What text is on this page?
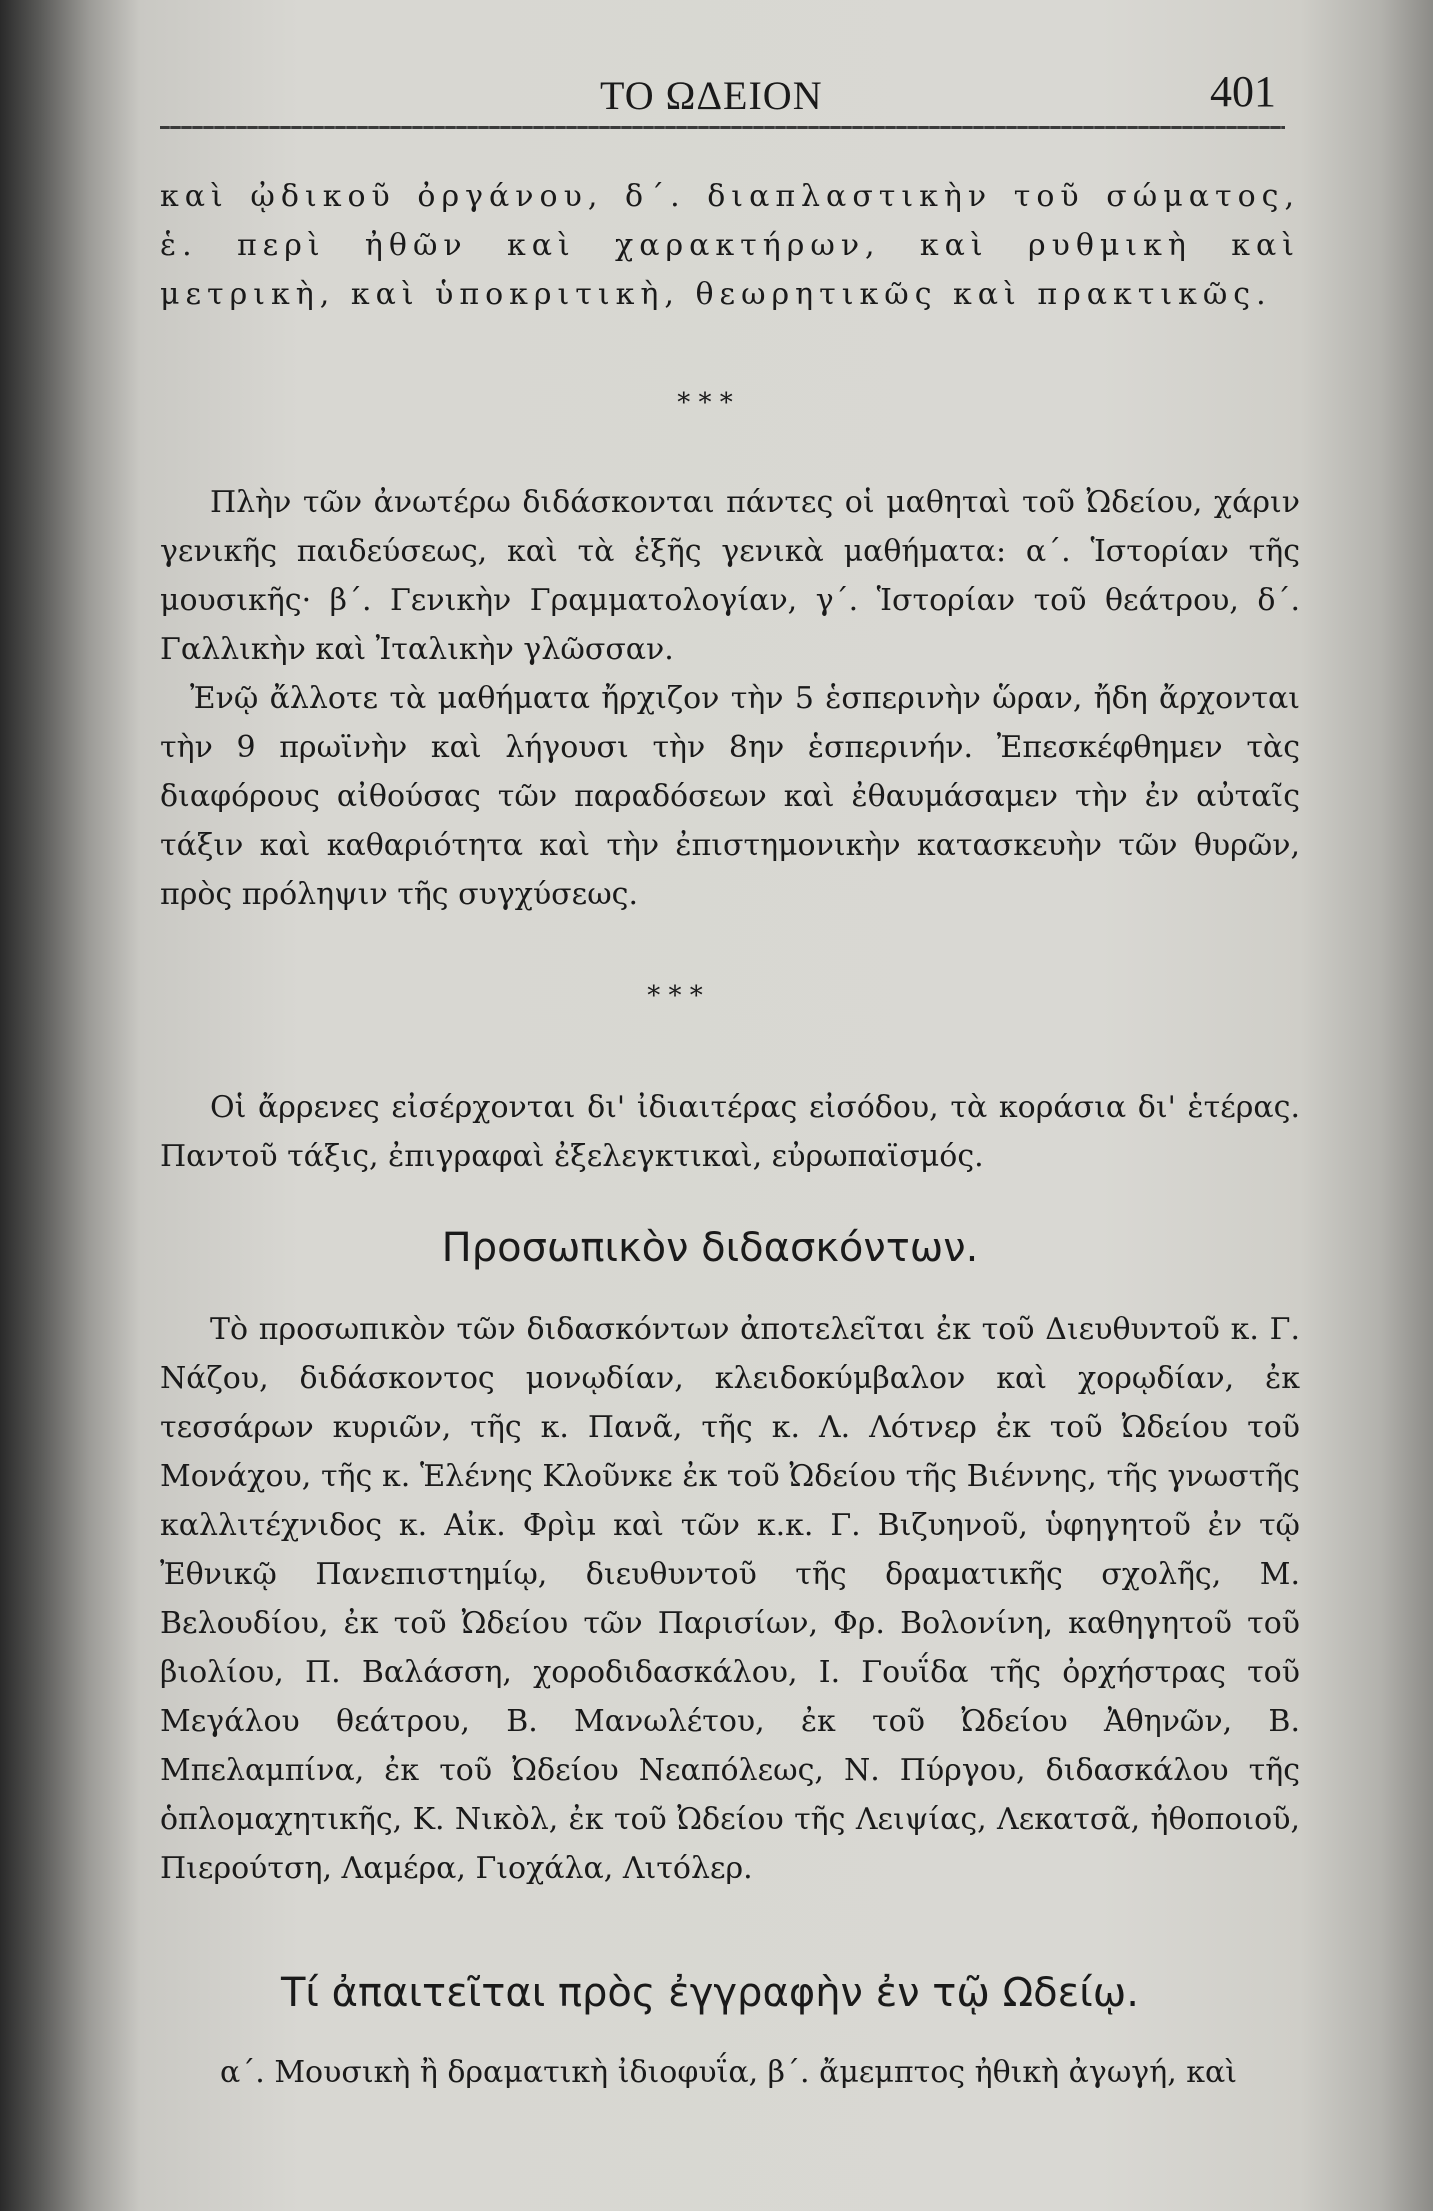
ΤΟ ΩΔΕΙΟΝ	401

καὶ ᾠδικοῦ ὀργάνου, δ΄. διαπλαστικὴν τοῦ σώματος, ἑ. περὶ ἠθῶν καὶ χαρακτήρων, καὶ ρυθμικὴ καὶ μετρικὴ, καὶ ὑποκριτικὴ, θεωρητικῶς καὶ πρακτικῶς.

* * *

Πλὴν τῶν ἀνωτέρω διδάσκονται πάντες οἱ μαθηταὶ τοῦ Ὠδείου, χάριν γενικῆς παιδεύσεως, καὶ τὰ ἑξῆς γενικὰ μαθήματα: α΄. Ἱστορίαν τῆς μουσικῆς· β΄. Γενικὴν Γραμματολογίαν, γ΄. Ἱστορίαν τοῦ θεάτρου, δ΄. Γαλλικὴν καὶ Ἰταλικὴν γλῶσσαν.

Ἐνῷ ἄλλοτε τὰ μαθήματα ἤρχιζον τὴν 5 ἑσπερινὴν ὥραν, ἤδη ἄρχονται τὴν 9 πρωϊνὴν καὶ λήγουσι τὴν 8ην ἑσπερινήν. Ἐπεσκέφθημεν τὰς διαφόρους αἰθούσας τῶν παραδόσεων καὶ ἐθαυμάσαμεν τὴν ἐν αὐταῖς τάξιν καὶ καθαριότητα καὶ τὴν ἐπιστημονικὴν κατασκευὴν τῶν θυρῶν, πρὸς πρόληψιν τῆς συγχύσεως.

* * *

Οἱ ἄρρενες εἰσέρχονται δι' ἰδιαιτέρας εἰσόδου, τὰ κοράσια δι' ἑτέρας. Παντοῦ τάξις, ἐπιγραφαὶ ἐξελεγκτικαὶ, εὐρωπαϊσμός.

Προσωπικὸν διδασκόντων.

Τὸ προσωπικὸν τῶν διδασκόντων ἀποτελεῖται ἐκ τοῦ Διευθυντοῦ κ. Γ. Νάζου, διδάσκοντος μονῳδίαν, κλειδοκύμβαλον καὶ χορῳδίαν, ἐκ τεσσάρων κυριῶν, τῆς κ. Πανᾶ, τῆς κ. Λ. Λότνερ ἐκ τοῦ Ὠδείου τοῦ Μονάχου, τῆς κ. Ἑλένης Κλοῦνκε ἐκ τοῦ Ὠδείου τῆς Βιέννης, τῆς γνωστῆς καλλιτέχνιδος κ. Αἰκ. Φρὶμ καὶ τῶν κ.κ. Γ. Βιζυηνοῦ, ὑφηγητοῦ ἐν τῷ Ἐθνικῷ Πανεπιστημίῳ, διευθυντοῦ τῆς δραματικῆς σχολῆς, Μ. Βελουδίου, ἐκ τοῦ Ὠδείου τῶν Παρισίων, Φρ. Βολονίνη, καθηγητοῦ τοῦ βιολίου, Π. Βαλάσση, χοροδιδασκάλου, Ι. Γουΐδα τῆς ὀρχήστρας τοῦ Μεγάλου θεάτρου, Β. Μανωλέτου, ἐκ τοῦ Ὠδείου Ἀθηνῶν, Β. Μπελαμπίνα, ἐκ τοῦ Ὠδείου Νεαπόλεως, Ν. Πύργου, διδασκάλου τῆς ὁπλομαχητικῆς, Κ. Νικὸλ, ἐκ τοῦ Ὠδείου τῆς Λειψίας, Λεκατσᾶ, ἠθοποιοῦ, Πιερούτση, Λαμέρα, Γιοχάλα, Λιτόλερ.

Τί ἀπαιτεῖται πρὸς ἐγγραφὴν ἐν τῷ Ωδείῳ.

α΄. Μουσικὴ ἢ δραματικὴ ἰδιοφυΐα, β΄. ἄμεμπτος ἠθικὴ ἀγωγή, καὶ
